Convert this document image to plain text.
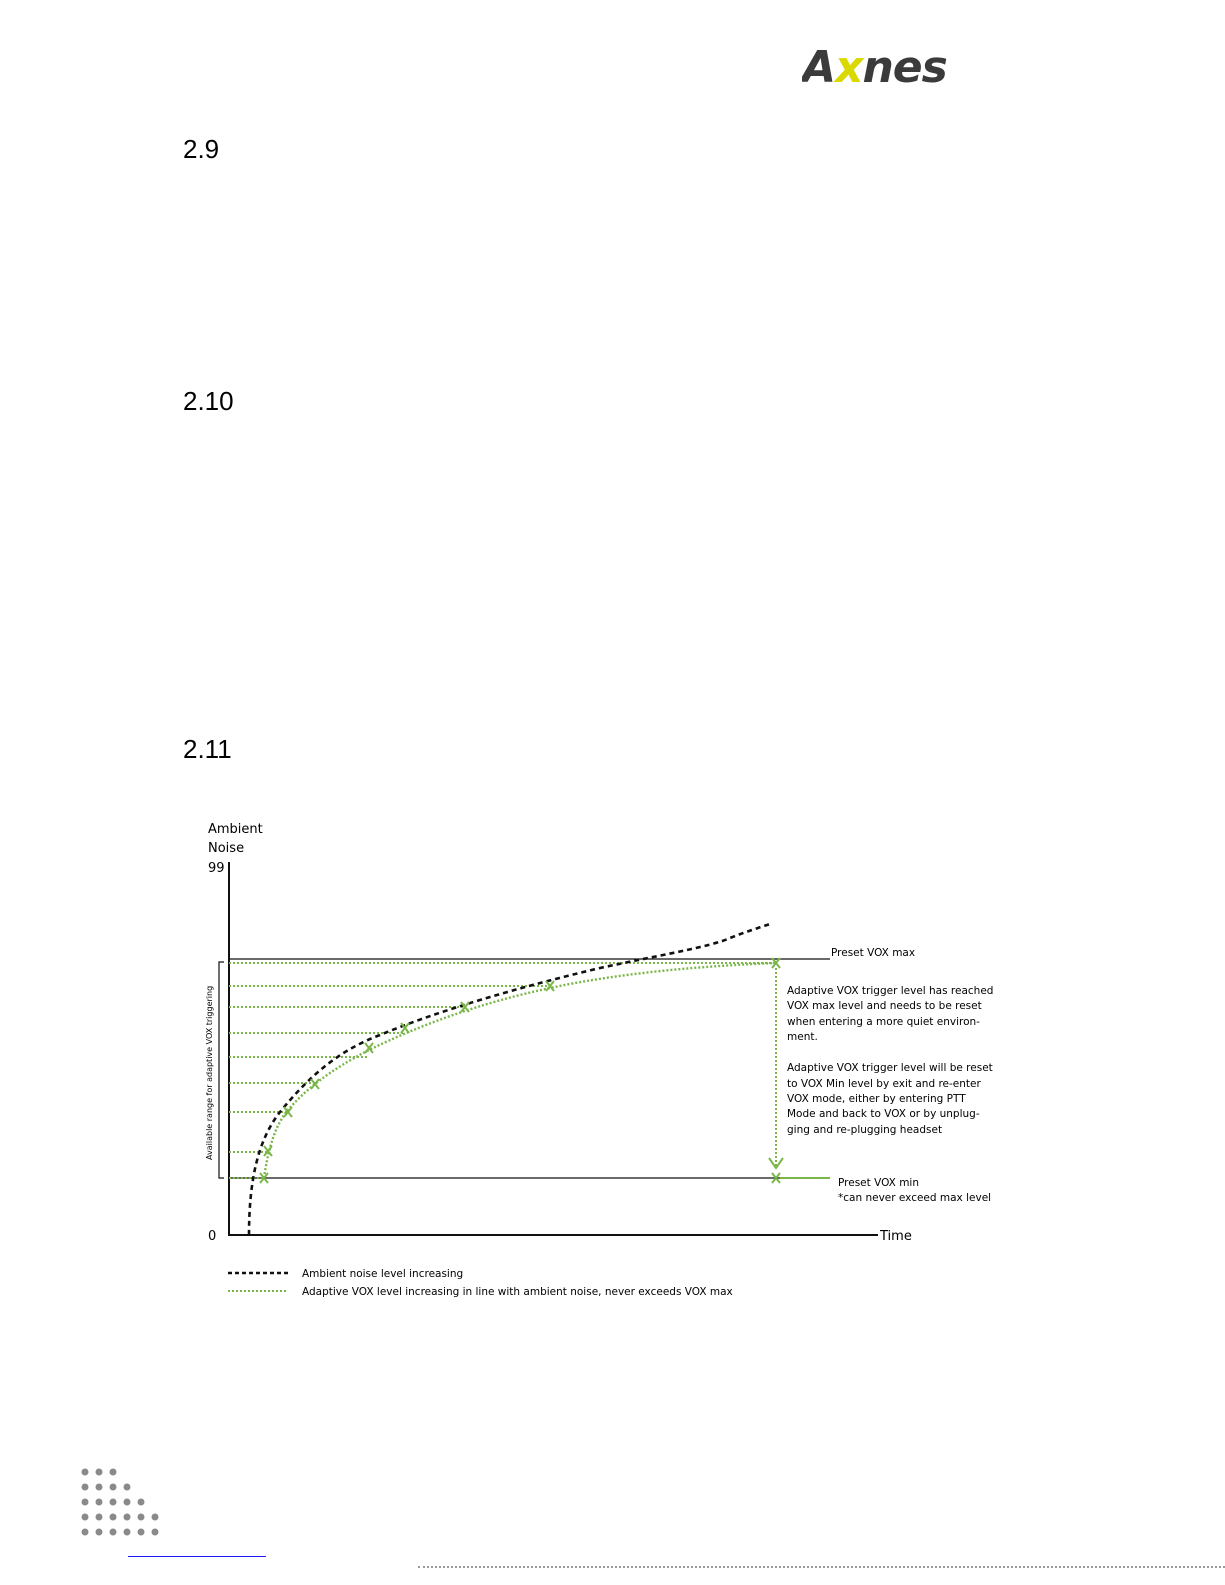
Axnes
2.9
2.10
2.11
Ambient
Noise
99
0	Time
Available range for adaptive VOX triggering
Preset VOX max
Preset VOX min
*can never exceed max level
Adaptive VOX trigger level has reached
VOX max level and needs to be reset
when entering a more quiet environ-
ment.
Adaptive VOX trigger level will be reset
to VOX Min level by exit and re-enter
VOX mode, either by entering PTT
Mode and back to VOX or by unplug-
ging and re-plugging headset
Ambient noise level increasing
Adaptive VOX level increasing in line with ambient noise, never exceeds VOX max
